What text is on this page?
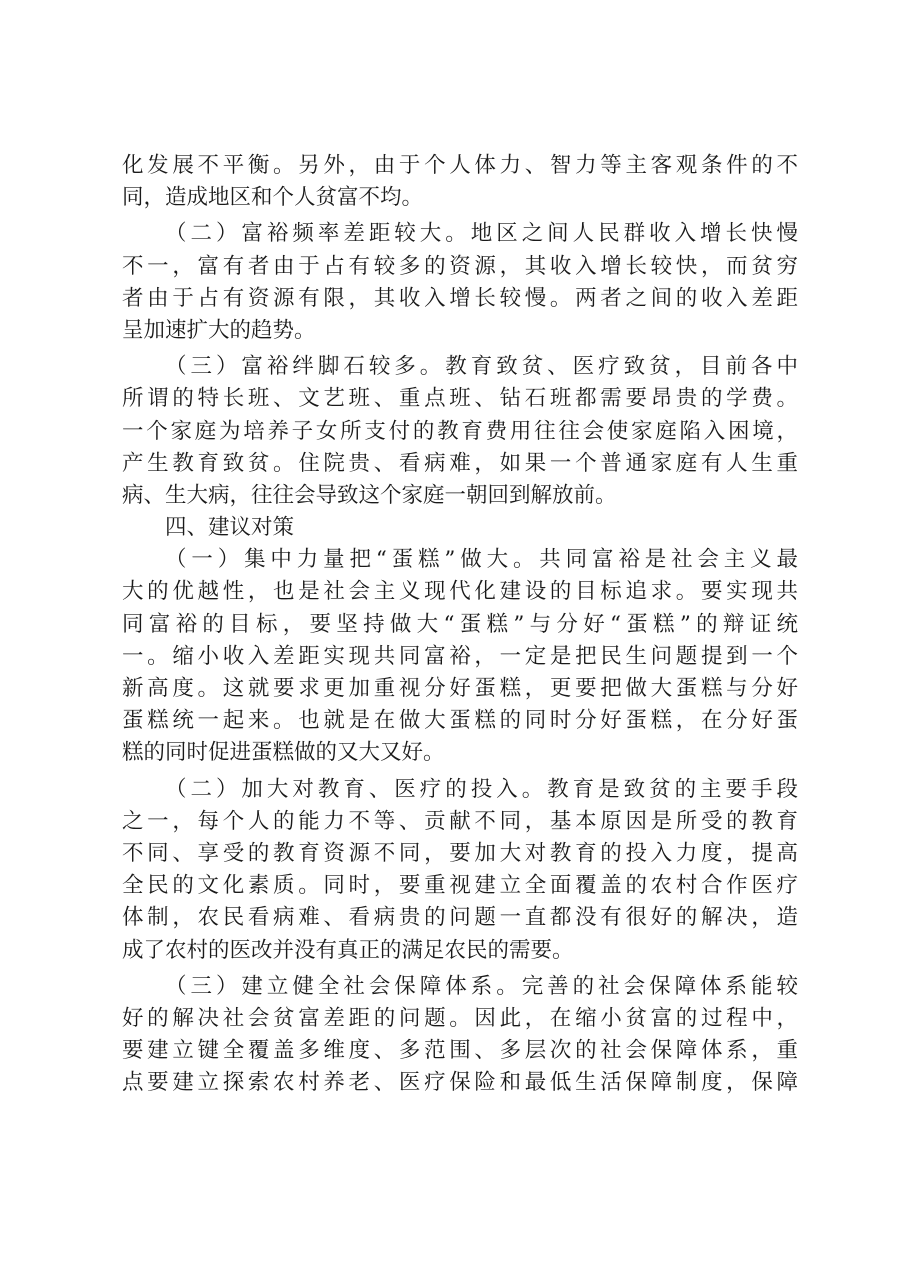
化发展不平衡。另外，由于个人体力、智力等主客观条件的不
同，造成地区和个人贫富不均。
（二）富裕频率差距较大。地区之间人民群收入增长快慢
不一，富有者由于占有较多的资源，其收入增长较快，而贫穷
者由于占有资源有限，其收入增长较慢。两者之间的收入差距
呈加速扩大的趋势。
（三）富裕绊脚石较多。教育致贫、医疗致贫，目前各中
所谓的特长班、文艺班、重点班、钻石班都需要昂贵的学费。
一个家庭为培养子女所支付的教育费用往往会使家庭陷入困境，
产生教育致贫。住院贵、看病难，如果一个普通家庭有人生重
病、生大病，往往会导致这个家庭一朝回到解放前。
四、建议对策
（一）集中力量把“蛋糕”做大。共同富裕是社会主义最
大的优越性，也是社会主义现代化建设的目标追求。要实现共
同富裕的目标，要坚持做大“蛋糕”与分好“蛋糕”的辩证统
一。缩小收入差距实现共同富裕，一定是把民生问题提到一个
新高度。这就要求更加重视分好蛋糕，更要把做大蛋糕与分好
蛋糕统一起来。也就是在做大蛋糕的同时分好蛋糕，在分好蛋
糕的同时促进蛋糕做的又大又好。
（二）加大对教育、医疗的投入。教育是致贫的主要手段
之一，每个人的能力不等、贡献不同，基本原因是所受的教育
不同、享受的教育资源不同，要加大对教育的投入力度，提高
全民的文化素质。同时，要重视建立全面覆盖的农村合作医疗
体制，农民看病难、看病贵的问题一直都没有很好的解决，造
成了农村的医改并没有真正的满足农民的需要。
（三）建立健全社会保障体系。完善的社会保障体系能较
好的解决社会贫富差距的问题。因此，在缩小贫富的过程中，
要建立键全覆盖多维度、多范围、多层次的社会保障体系，重
点要建立探索农村养老、医疗保险和最低生活保障制度，保障
